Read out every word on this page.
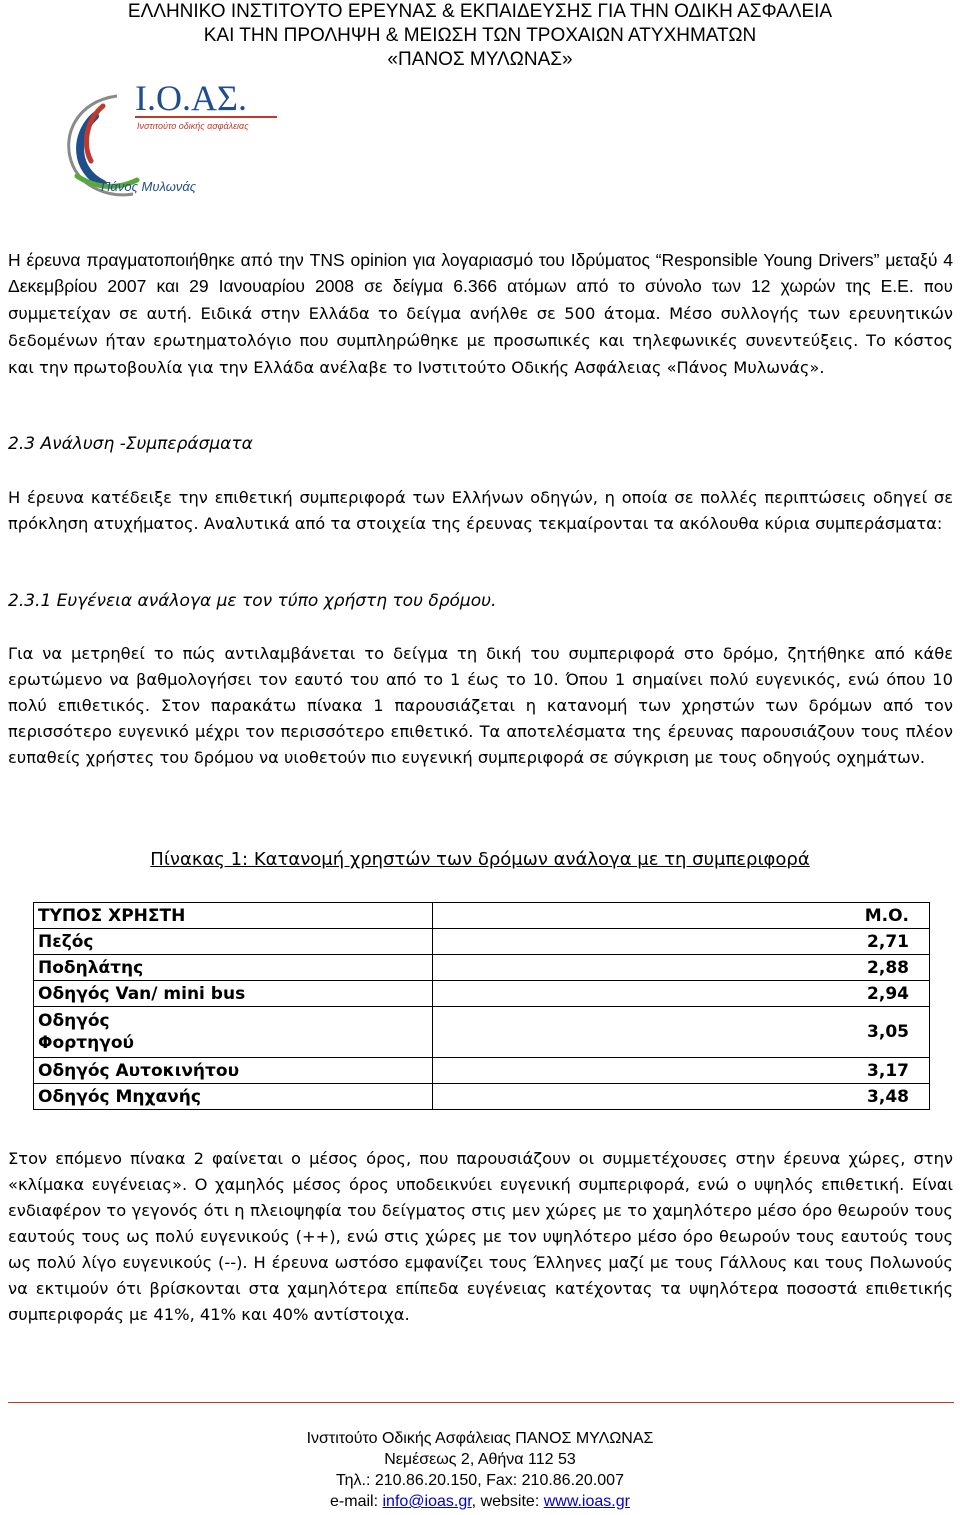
ΕΛΛΗΝΙΚΟ ΙΝΣΤΙΤΟΥΤΟ ΕΡΕΥΝΑΣ & ΕΚΠΑΙΔΕΥΣΗΣ ΓΙΑ ΤΗΝ ΟΔΙΚΗ ΑΣΦΑΛΕΙΑ
ΚΑΙ ΤΗΝ ΠΡΟΛΗΨΗ & ΜΕΙΩΣΗ ΤΩΝ ΤΡΟΧΑΙΩΝ ΑΤΥΧΗΜΑΤΩΝ
«ΠΑΝΟΣ ΜΥΛΩΝΑΣ»
Ι.Ο.ΑΣ.
Ινστιτούτο οδικής ασφάλειας
Πάνος Μυλωνάς
Η έρευνα πραγματοποιήθηκε από την TNS opinion για λογαριασμό του Ιδρύματος “Responsible Young Drivers” μεταξύ 4 Δεκεμβρίου 2007 και 29 Ιανουαρίου 2008 σε δείγμα 6.366 ατόμων από το σύνολο των 12 χωρών της Ε.Ε. που συμμετείχαν σε αυτή. Ειδικά στην Ελλάδα το δείγμα ανήλθε σε 500 άτομα. Μέσο συλλογής των ερευνητικών δεδομένων ήταν ερωτηματολόγιο που συμπληρώθηκε με προσωπικές και τηλεφωνικές συνεντεύξεις. Το κόστος και την πρωτοβουλία για την Ελλάδα ανέλαβε το Ινστιτούτο Οδικής Ασφάλειας «Πάνος Μυλωνάς».
2.3 Ανάλυση -Συμπεράσματα
Η έρευνα κατέδειξε την επιθετική συμπεριφορά των Ελλήνων οδηγών, η οποία σε πολλές περιπτώσεις οδηγεί σε πρόκληση ατυχήματος. Αναλυτικά από τα στοιχεία της έρευνας τεκμαίρονται τα ακόλουθα κύρια συμπεράσματα:
2.3.1 Ευγένεια ανάλογα με τον τύπο χρήστη του δρόμου.
Για να μετρηθεί το πώς αντιλαμβάνεται το δείγμα τη δική του συμπεριφορά στο δρόμο, ζητήθηκε από κάθε ερωτώμενο να βαθμολογήσει τον εαυτό του από το 1 έως το 10. Όπου 1 σημαίνει πολύ ευγενικός, ενώ όπου 10 πολύ επιθετικός. Στον παρακάτω πίνακα 1 παρουσιάζεται η κατανομή των χρηστών των δρόμων από τον περισσότερο ευγενικό μέχρι τον περισσότερο επιθετικό. Τα αποτελέσματα της έρευνας παρουσιάζουν τους πλέον ευπαθείς χρήστες του δρόμου να υιοθετούν πιο ευγενική συμπεριφορά σε σύγκριση με τους οδηγούς οχημάτων.
Πίνακας 1: Κατανομή χρηστών των δρόμων ανάλογα με τη συμπεριφορά
ΤΥΠΟΣ ΧΡΗΣΤΗ	Μ.Ο.
Πεζός	2,71
Ποδηλάτης	2,88
Οδηγός Van/ mini bus	2,94

Οδηγός Φορτηγού	3,05
Οδηγός Αυτοκινήτου	3,17
Οδηγός Μηχανής	3,48
Στον επόμενο πίνακα 2 φαίνεται ο μέσος όρος, που παρουσιάζουν οι συμμετέχουσες στην έρευνα χώρες, στην «κλίμακα ευγένειας». Ο χαμηλός μέσος όρος υποδεικνύει ευγενική συμπεριφορά, ενώ ο υψηλός επιθετική. Είναι ενδιαφέρον το γεγονός ότι η πλειοψηφία του δείγματος στις μεν χώρες με το χαμηλότερο μέσο όρο θεωρούν τους εαυτούς τους ως πολύ ευγενικούς (++), ενώ στις χώρες με τον υψηλότερο μέσο όρο θεωρούν τους εαυτούς τους ως πολύ λίγο ευγενικούς (--). Η έρευνα ωστόσο εμφανίζει τους Έλληνες μαζί με τους Γάλλους και τους Πολωνούς να εκτιμούν ότι βρίσκονται στα χαμηλότερα επίπεδα ευγένειας κατέχοντας τα υψηλότερα ποσοστά επιθετικής συμπεριφοράς με 41%, 41% και 40% αντίστοιχα.
Ινστιτούτο Οδικής Ασφάλειας ΠΑΝΟΣ ΜΥΛΩΝΑΣ
Νεμέσεως 2, Αθήνα 112 53
Τηλ.: 210.86.20.150, Fax: 210.86.20.007
e-mail: info@ioas.gr, website: www.ioas.gr
